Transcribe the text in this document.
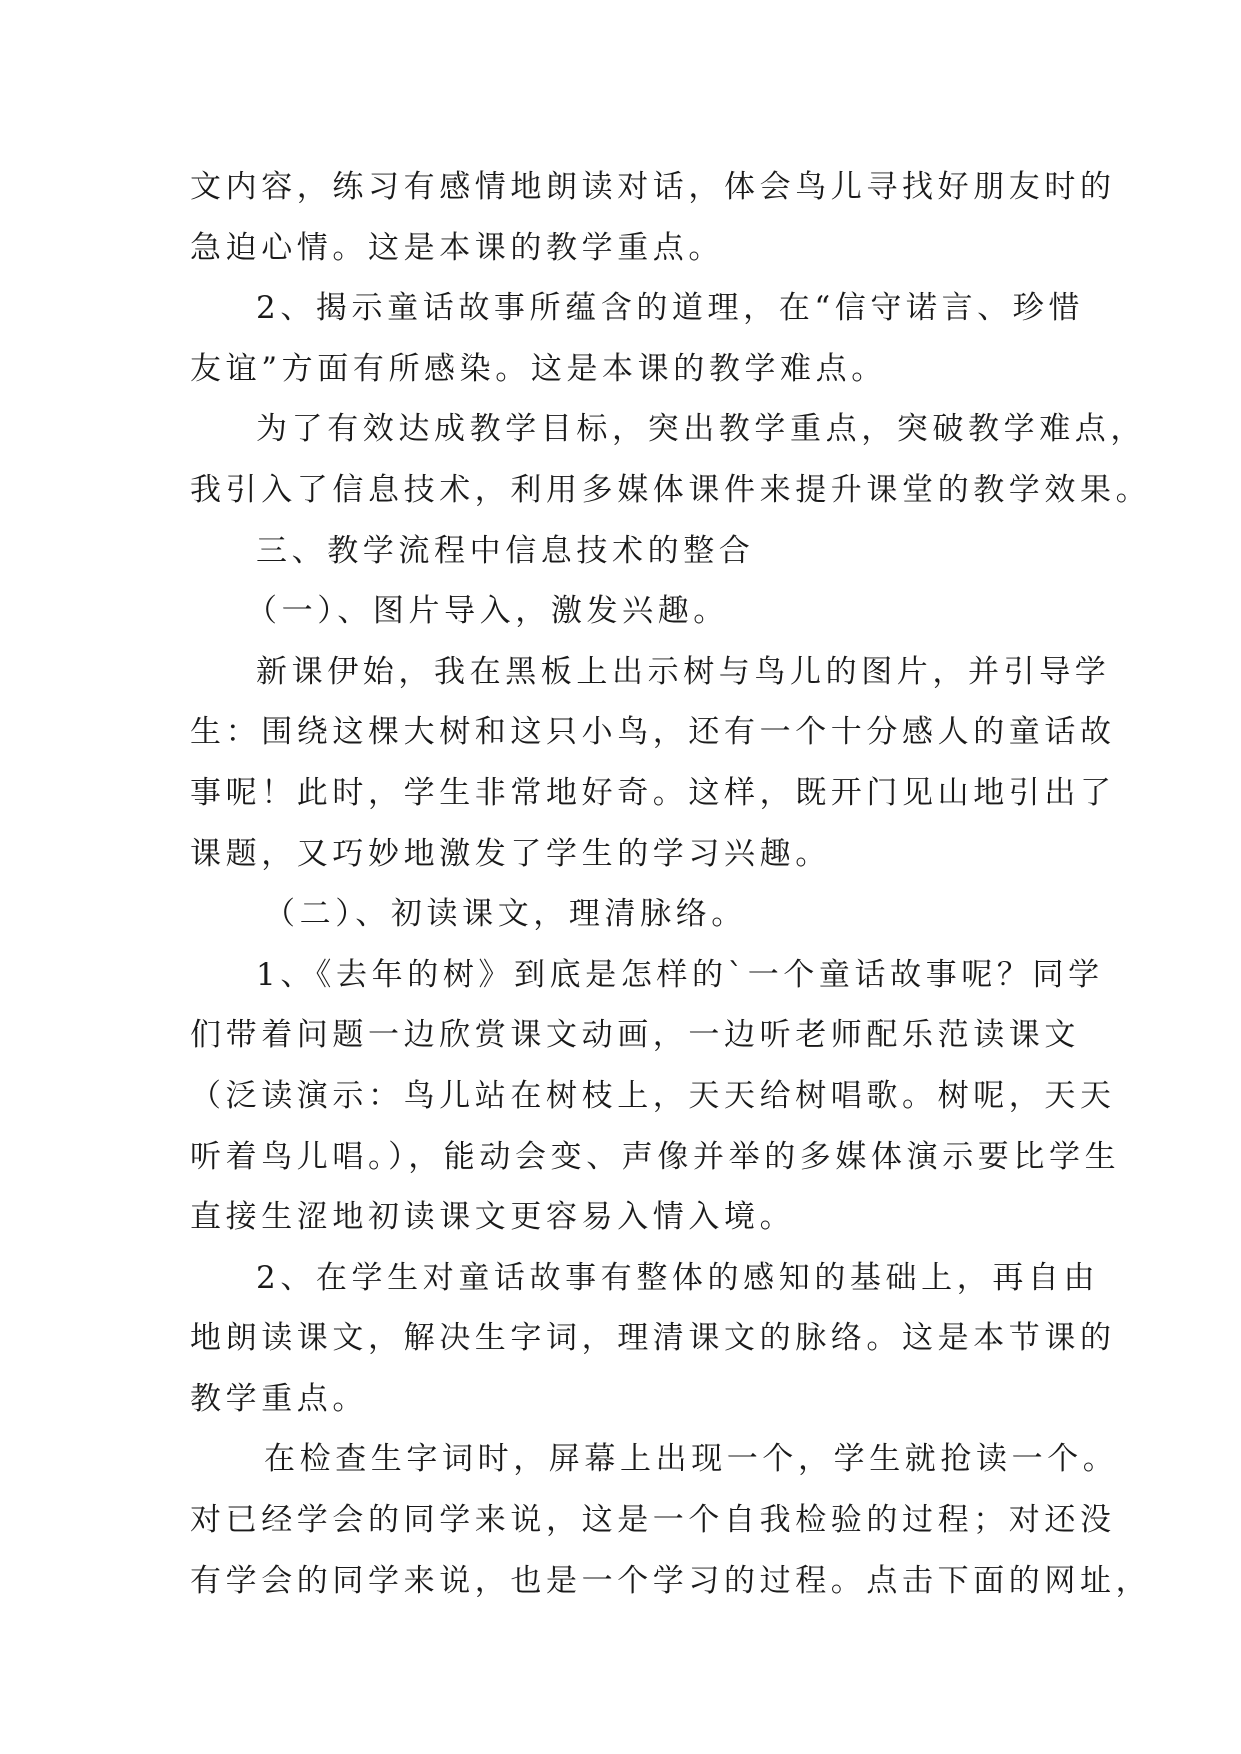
文内容，练习有感情地朗读对话，体会鸟儿寻找好朋友时的
急迫心情。这是本课的教学重点。
2、揭示童话故事所蕴含的道理，在“信守诺言、珍惜
友谊”方面有所感染。这是本课的教学难点。
为了有效达成教学目标，突出教学重点，突破教学难点，
我引入了信息技术，利用多媒体课件来提升课堂的教学效果。
三、教学流程中信息技术的整合
（一）、图片导入，激发兴趣。
新课伊始，我在黑板上出示树与鸟儿的图片，并引导学
生：围绕这棵大树和这只小鸟，还有一个十分感人的童话故
事呢！此时，学生非常地好奇。这样，既开门见山地引出了
课题，又巧妙地激发了学生的学习兴趣。
（二）、初读课文，理清脉络。
1、《去年的树》到底是怎样的`一个童话故事呢？同学
们带着问题一边欣赏课文动画，一边听老师配乐范读课文
（泛读演示：鸟儿站在树枝上，天天给树唱歌。树呢，天天
听着鸟儿唱。），能动会变、声像并举的多媒体演示要比学生
直接生涩地初读课文更容易入情入境。
2、在学生对童话故事有整体的感知的基础上，再自由
地朗读课文，解决生字词，理清课文的脉络。这是本节课的
教学重点。
在检查生字词时，屏幕上出现一个，学生就抢读一个。
对已经学会的同学来说，这是一个自我检验的过程；对还没
有学会的同学来说，也是一个学习的过程。点击下面的网址，
